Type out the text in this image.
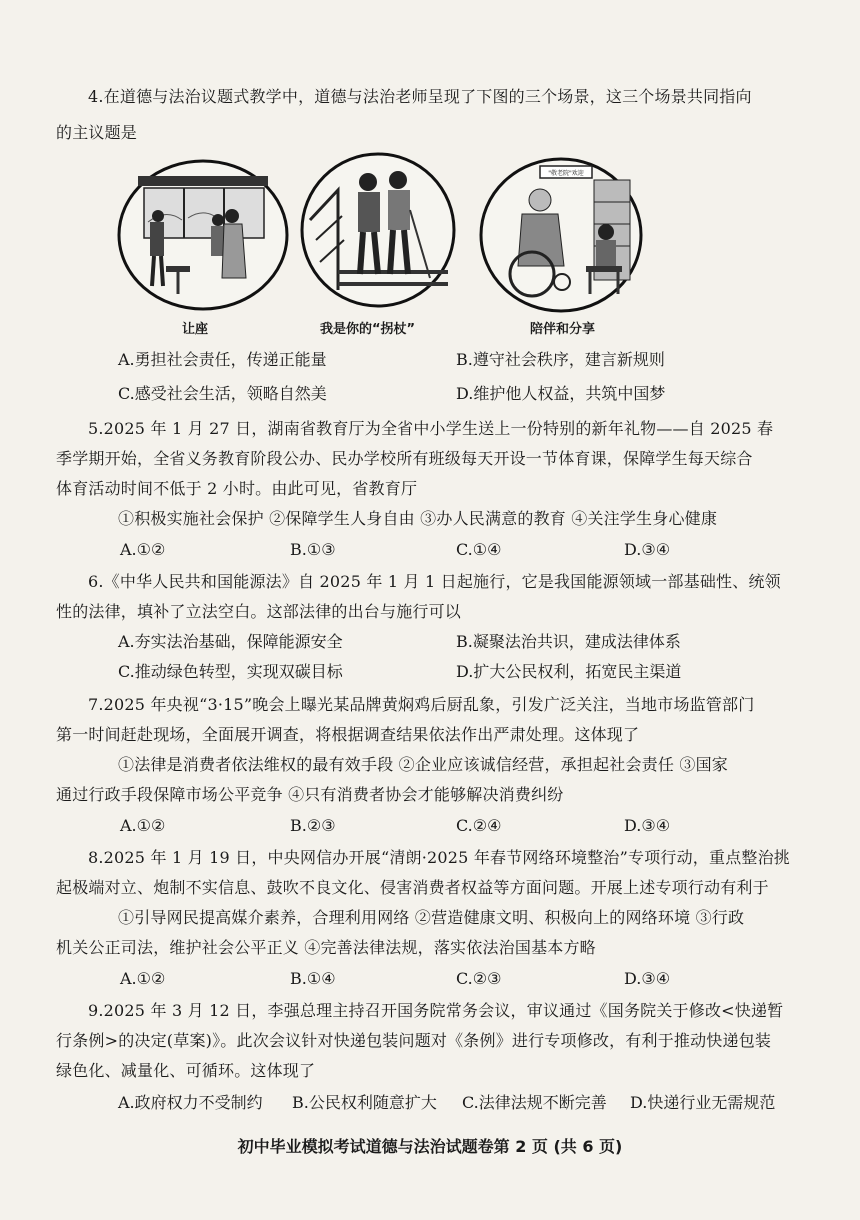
4.在道德与法治议题式教学中，道德与法治老师呈现了下图的三个场景，这三个场景共同指向
的主议题是
让座	我是你的“拐杖”
"敬老院"欢迎
陪伴和分享
A.勇担社会责任，传递正能量	B.遵守社会秩序，建言新规则
C.感受社会生活，领略自然美	D.维护他人权益，共筑中国梦
5.2025 年 1 月 27 日，湖南省教育厅为全省中小学生送上一份特别的新年礼物——自 2025 春
季学期开始，全省义务教育阶段公办、民办学校所有班级每天开设一节体育课，保障学生每天综合
体育活动时间不低于 2 小时。由此可见，省教育厅
①积极实施社会保护 ②保障学生人身自由 ③办人民满意的教育 ④关注学生身心健康
A.①②	B.①③	C.①④	D.③④
6.《中华人民共和国能源法》自 2025 年 1 月 1 日起施行，它是我国能源领域一部基础性、统领
性的法律，填补了立法空白。这部法律的出台与施行可以
A.夯实法治基础，保障能源安全	B.凝聚法治共识，建成法律体系
C.推动绿色转型，实现双碳目标	D.扩大公民权利，拓宽民主渠道
7.2025 年央视“3·15”晚会上曝光某品牌黄焖鸡后厨乱象，引发广泛关注，当地市场监管部门
第一时间赶赴现场，全面展开调查，将根据调查结果依法作出严肃处理。这体现了
①法律是消费者依法维权的最有效手段 ②企业应该诚信经营，承担起社会责任 ③国家
通过行政手段保障市场公平竞争 ④只有消费者协会才能够解决消费纠纷
A.①②	B.②③	C.②④	D.③④
8.2025 年 1 月 19 日，中央网信办开展“清朗·2025 年春节网络环境整治”专项行动，重点整治挑
起极端对立、炮制不实信息、鼓吹不良文化、侵害消费者权益等方面问题。开展上述专项行动有利于
①引导网民提高媒介素养，合理利用网络 ②营造健康文明、积极向上的网络环境 ③行政
机关公正司法，维护社会公平正义 ④完善法律法规，落实依法治国基本方略
A.①②	B.①④	C.②③	D.③④
9.2025 年 3 月 12 日，李强总理主持召开国务院常务会议，审议通过《国务院关于修改<快递暂
行条例>的决定(草案)》。此次会议针对快递包装问题对《条例》进行专项修改，有利于推动快递包装
绿色化、减量化、可循环。这体现了
A.政府权力不受制约 B.公民权利随意扩大 C.法律法规不断完善 D.快递行业无需规范
初中毕业模拟考试道德与法治试题卷第 2 页 (共 6 页)
